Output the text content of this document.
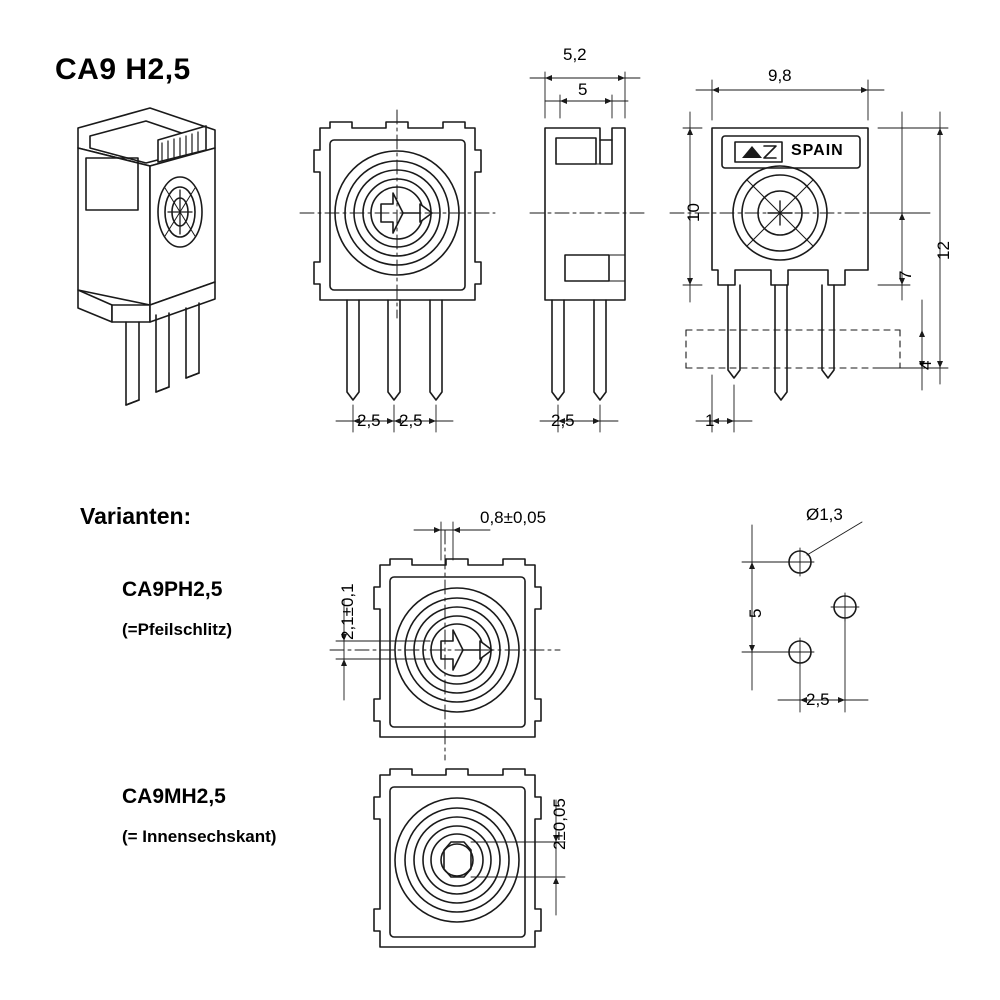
CA9 H2,5
Varianten:
CA9PH2,5
(=Pfeilschlitz)
CA9MH2,5
(= Innensechskant)
SPAIN
5,2
5
9,8
10
12
7
4
2,5 2,5	2,5	1
0,8±0,05
2,1±0,1
2±0,05
Ø1,3
5
2,5
